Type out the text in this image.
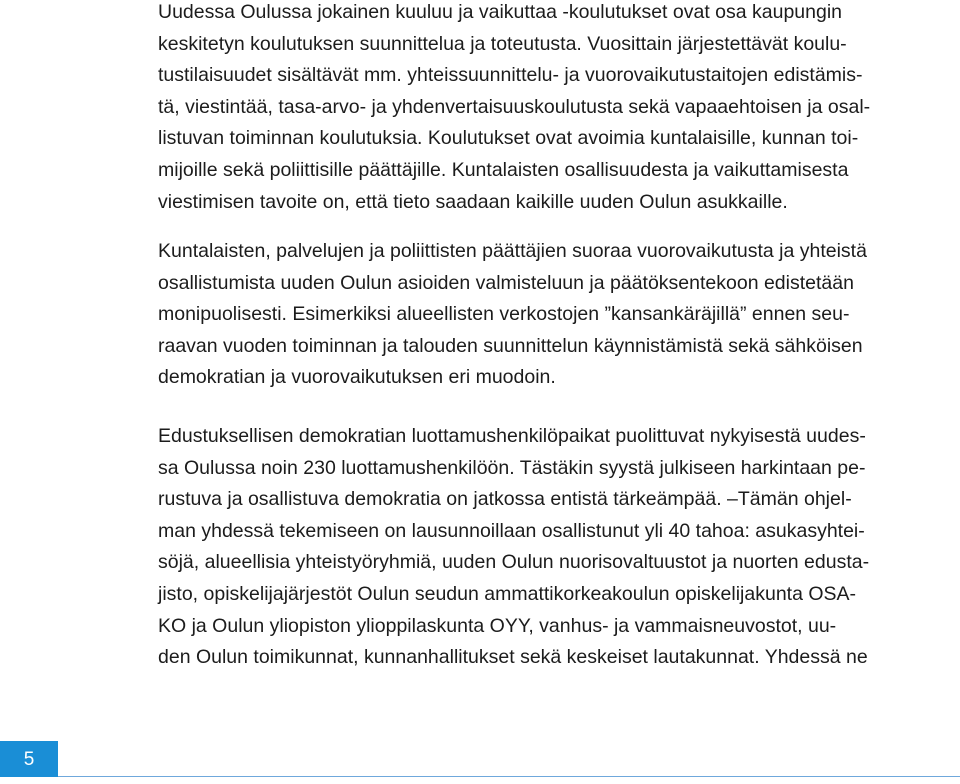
Uudessa Oulussa jokainen kuuluu ja vaikuttaa -koulutukset ovat osa kaupungin
keskitetyn koulutuksen suunnittelua ja toteutusta. Vuosittain järjestettävät koulu-
tustilaisuudet sisältävät mm. yhteissuunnittelu- ja vuorovaikutustaitojen edistämis-
tä, viestintää, tasa-arvo- ja yhdenvertaisuuskoulutusta sekä vapaaehtoisen ja osal-
listuvan toiminnan koulutuksia. Koulutukset ovat avoimia kuntalaisille, kunnan toi-
mijoille sekä poliittisille päättäjille. Kuntalaisten osallisuudesta ja vaikuttamisesta
viestimisen tavoite on, että tieto saadaan kaikille uuden Oulun asukkaille.
Kuntalaisten, palvelujen ja poliittisten päättäjien suoraa vuorovaikutusta ja yhteistä
osallistumista uuden Oulun asioiden valmisteluun ja päätöksentekoon edistetään
monipuolisesti. Esimerkiksi alueellisten verkostojen ”kansankäräjillä” ennen seu-
raavan vuoden toiminnan ja talouden suunnittelun käynnistämistä sekä sähköisen
demokratian ja vuorovaikutuksen eri muodoin.
Edustuksellisen demokratian luottamushenkilöpaikat puolittuvat nykyisestä uudes-
sa Oulussa noin 230 luottamushenkilöön. Tästäkin syystä julkiseen harkintaan pe-
rustuva ja osallistuva demokratia on jatkossa entistä tärkeämpää. –Tämän ohjel-
man yhdessä tekemiseen on lausunnoillaan osallistunut yli 40 tahoa: asukasyhtei-
söjä, alueellisia yhteistyöryhmiä, uuden Oulun nuorisovaltuustot ja nuorten edusta-
jisto, opiskelijajärjestöt Oulun seudun ammattikorkeakoulun opiskelijakunta OSA-
KO ja Oulun yliopiston ylioppilaskunta OYY, vanhus- ja vammaisneuvostot, uu-
den Oulun toimikunnat, kunnanhallitukset sekä keskeiset lautakunnat. Yhdessä ne
5
